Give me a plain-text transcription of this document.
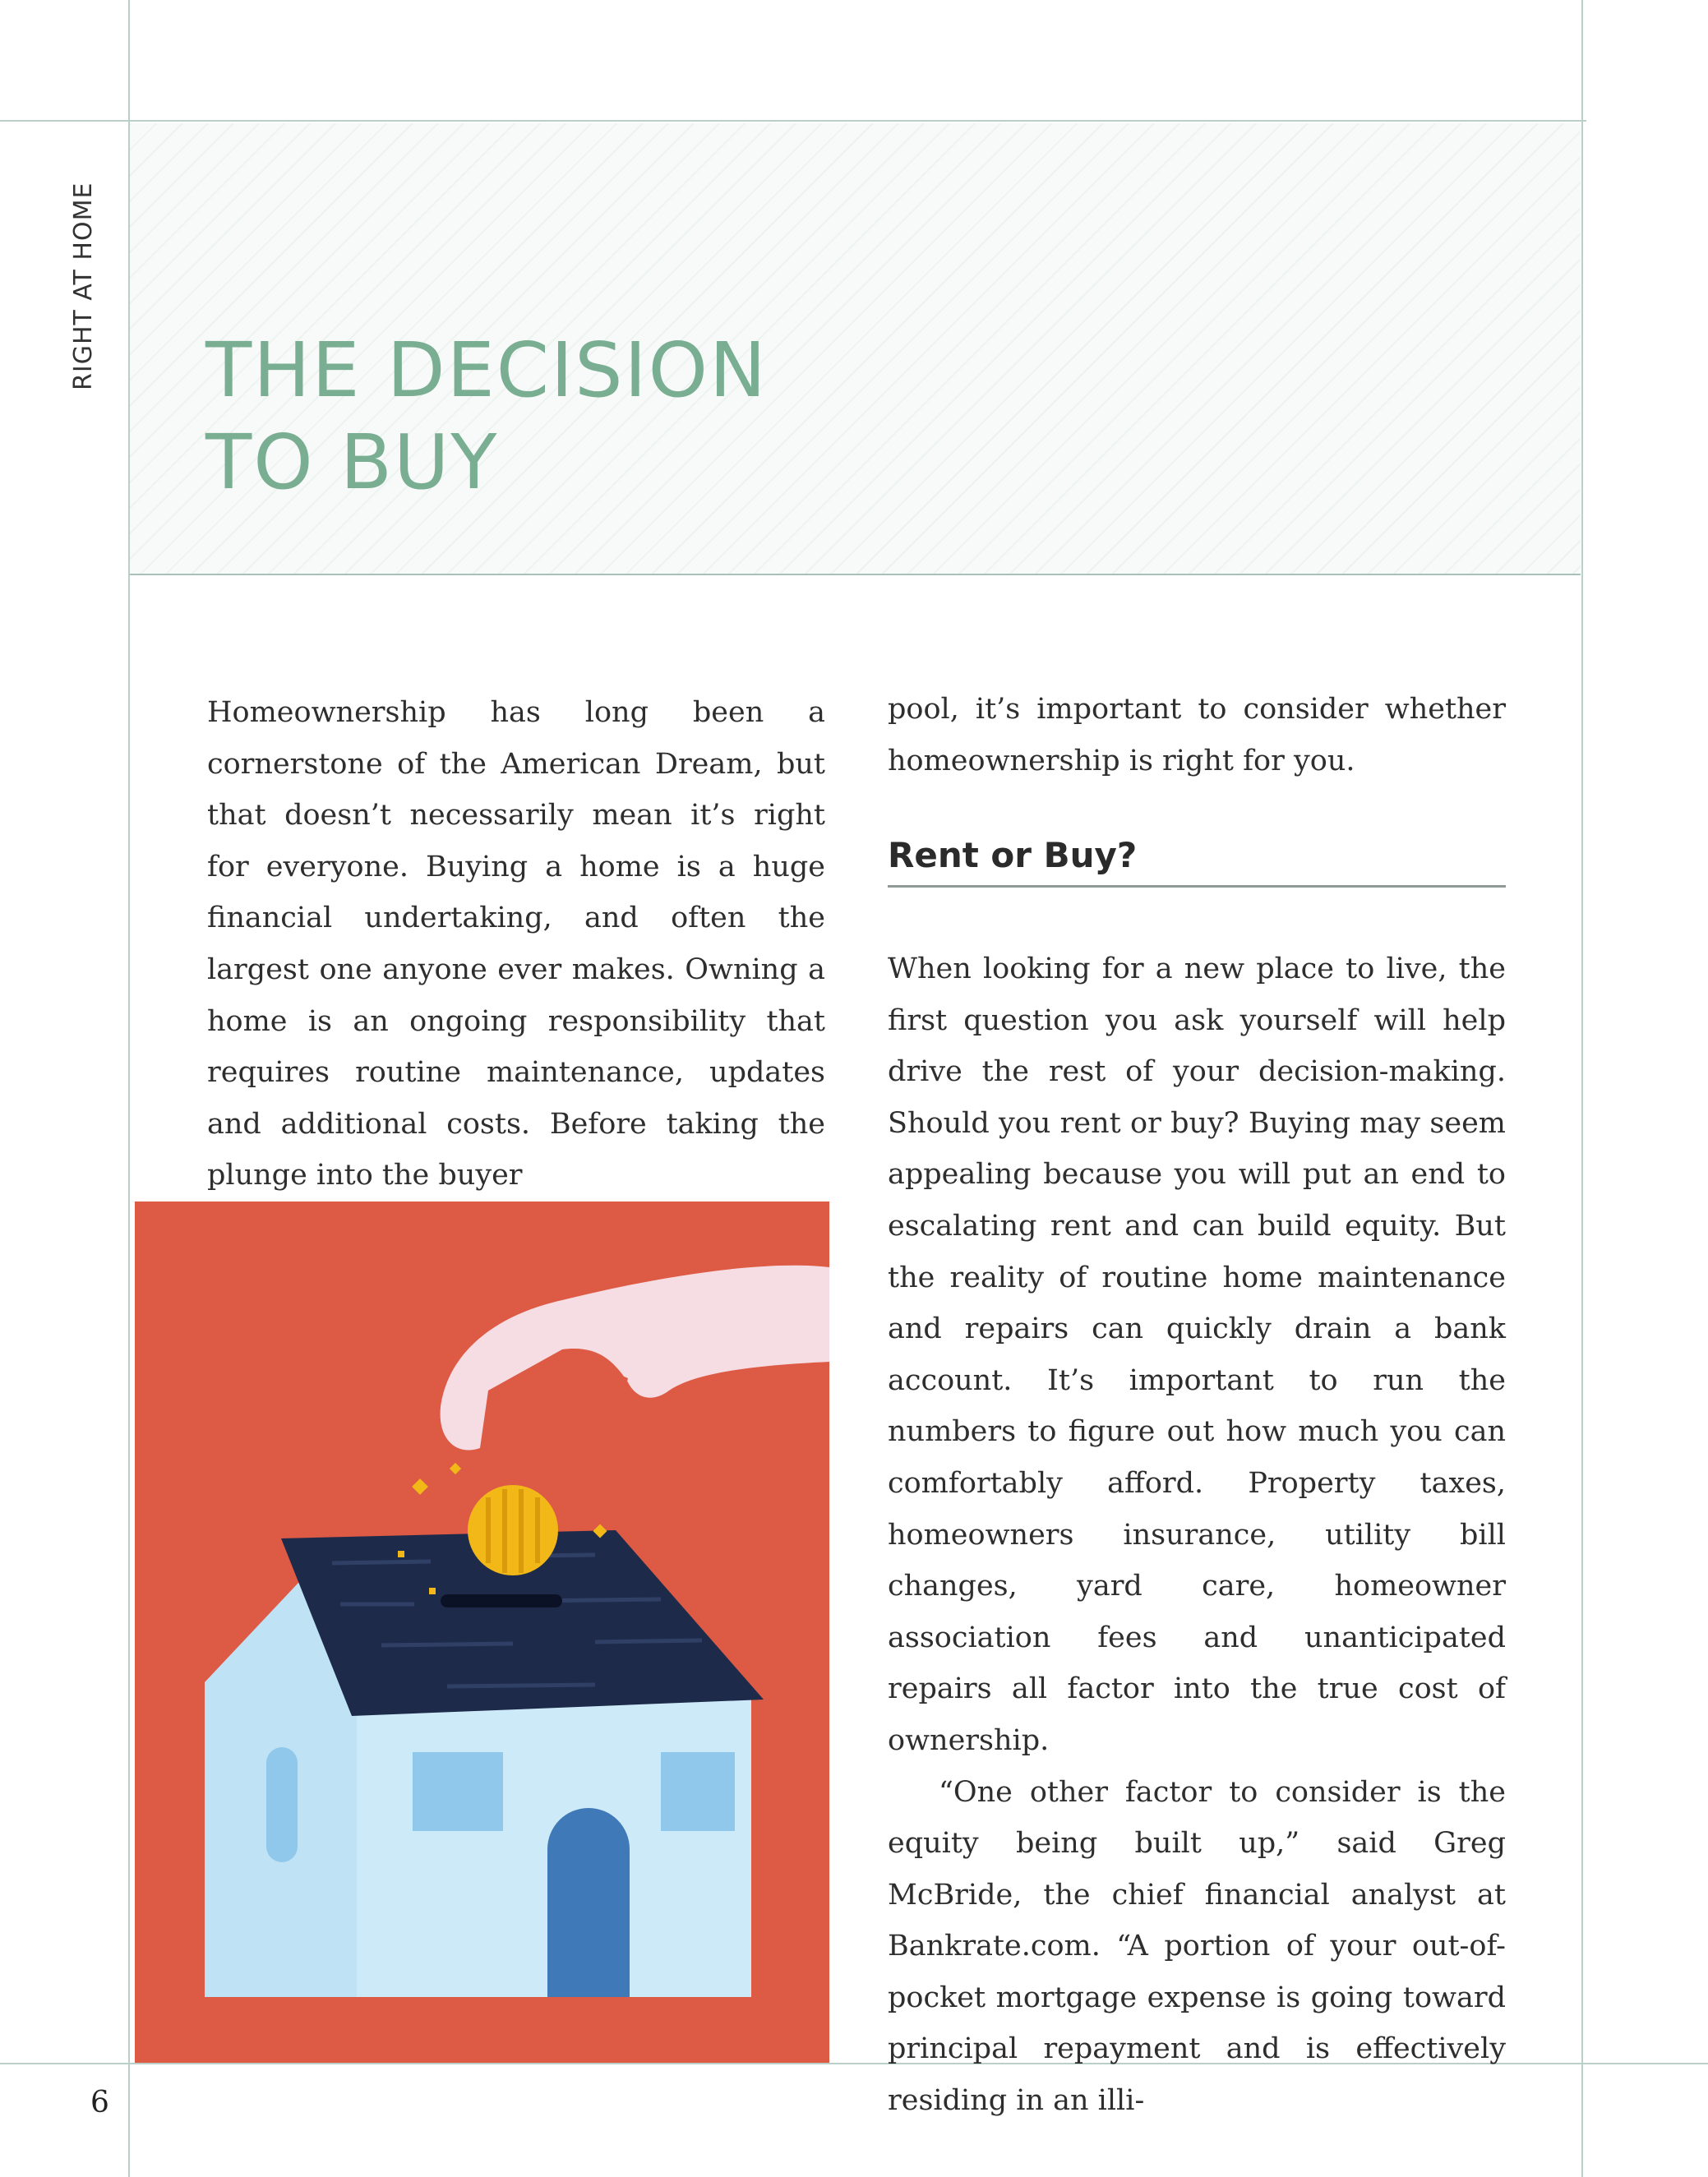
THE DECISION
TO BUY
RIGHT AT HOME

Homeownership has long been a cornerstone of the American Dream, but that doesn’t necessarily mean it’s right for everyone. Buying a home is a huge financial undertaking, and often the largest one anyone ever makes. Owning a home is an ongoing responsibility that requires routine maintenance, updates and additional costs. Before taking the plunge into the buyer

pool, it’s important to consider whether homeownership is right for you.

Rent or Buy?

When looking for a new place to live, the first question you ask yourself will help drive the rest of your decision-making. Should you rent or buy? Buying may seem appealing because you will put an end to escalating rent and can build equity. But the reality of routine home maintenance and repairs can quickly drain a bank account. It’s important to run the numbers to figure out how much you can comfortably afford. Property taxes, homeowners insurance, utility bill changes, yard care, homeowner association fees and unanticipated repairs all factor into the true cost of ownership.

“One other factor to consider is the equity being built up,” said Greg McBride, the chief financial analyst at Bankrate.com. “A portion of your out-of-pocket mortgage expense is going toward principal repayment and is effectively residing in an illi-

6
